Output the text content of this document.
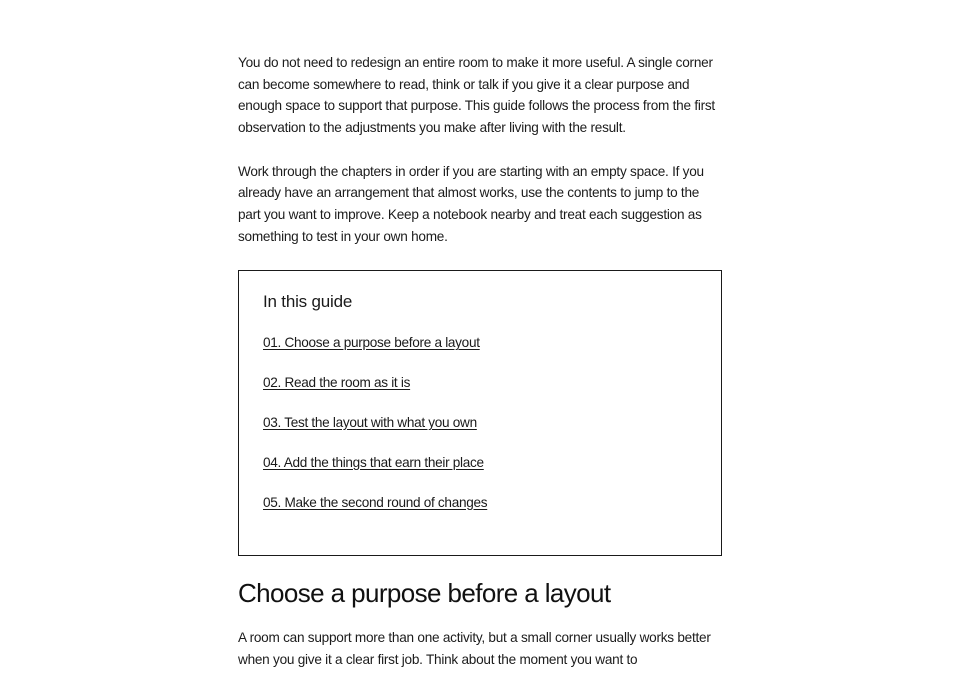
You do not need to redesign an entire room to make it more useful. A single corner can become somewhere to read, think or talk if you give it a clear purpose and enough space to support that purpose. This guide follows the process from the first observation to the adjustments you make after living with the result.

Work through the chapters in order if you are starting with an empty space. If you already have an arrangement that almost works, use the contents to jump to the part you want to improve. Keep a notebook nearby and treat each suggestion as something to test in your own home.

In this guide
01. Choose a purpose before a layout
02. Read the room as it is
03. Test the layout with what you own
04. Add the things that earn their place
05. Make the second round of changes
Choose a purpose before a layout

A room can support more than one activity, but a small corner usually works better when you give it a clear first job. Think about the moment you want to
